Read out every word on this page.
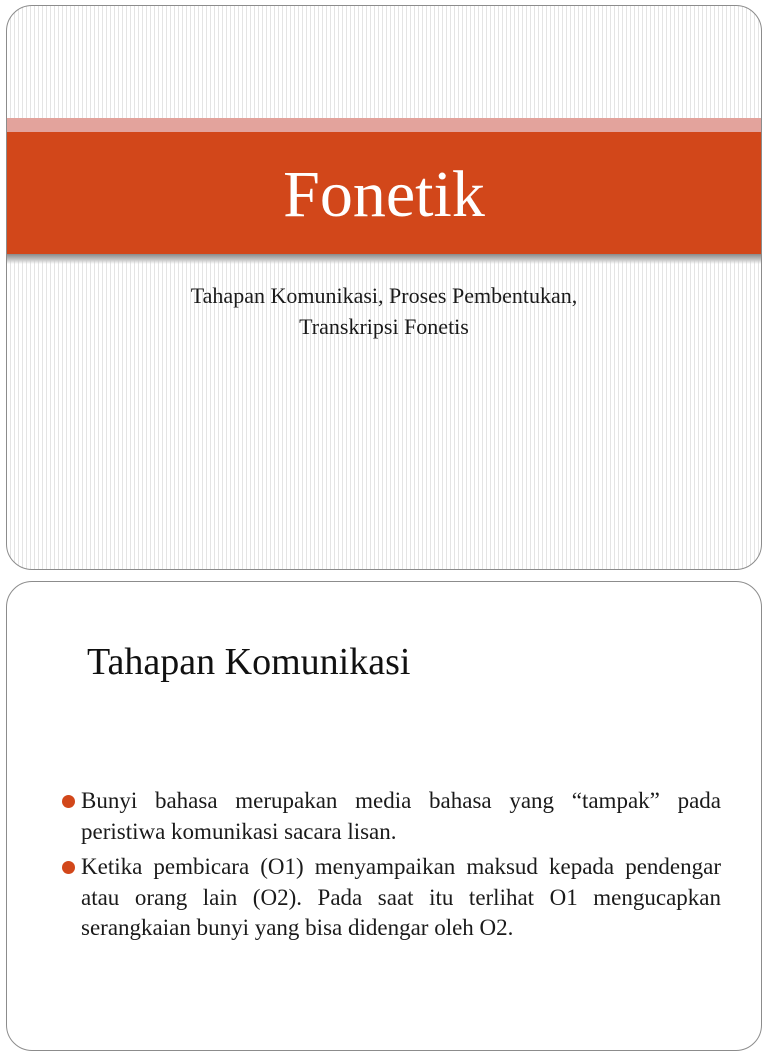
Fonetik
Tahapan Komunikasi, Proses Pembentukan,
Transkripsi Fonetis
Tahapan Komunikasi
Bunyi bahasa merupakan media bahasa yang “tampak” pada peristiwa komunikasi sacara lisan.
Ketika pembicara (O1) menyampaikan maksud kepada pendengar atau orang lain (O2). Pada saat itu terlihat O1 mengucapkan serangkaian bunyi yang bisa didengar oleh O2.
